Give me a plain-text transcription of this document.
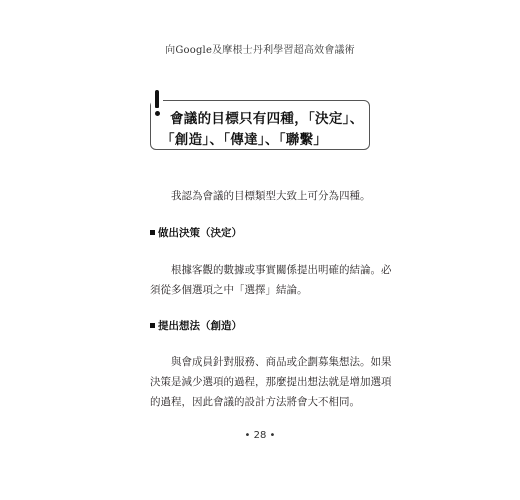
向Google及摩根士丹利學習超高效會議術
會議的目標只有四種，「決定」、
「創造」、「傳達」、「聯繫」
我認為會議的目標類型大致上可分為四種。
做出決策（決定）
根據客觀的數據或事實關係提出明確的結論。必須從多個選項之中「選擇」結論。
提出想法（創造）
與會成員針對服務、商品或企劃募集想法。如果決策是減少選項的過程，那麼提出想法就是增加選項的過程，因此會議的設計方法將會大不相同。
• 28 •
